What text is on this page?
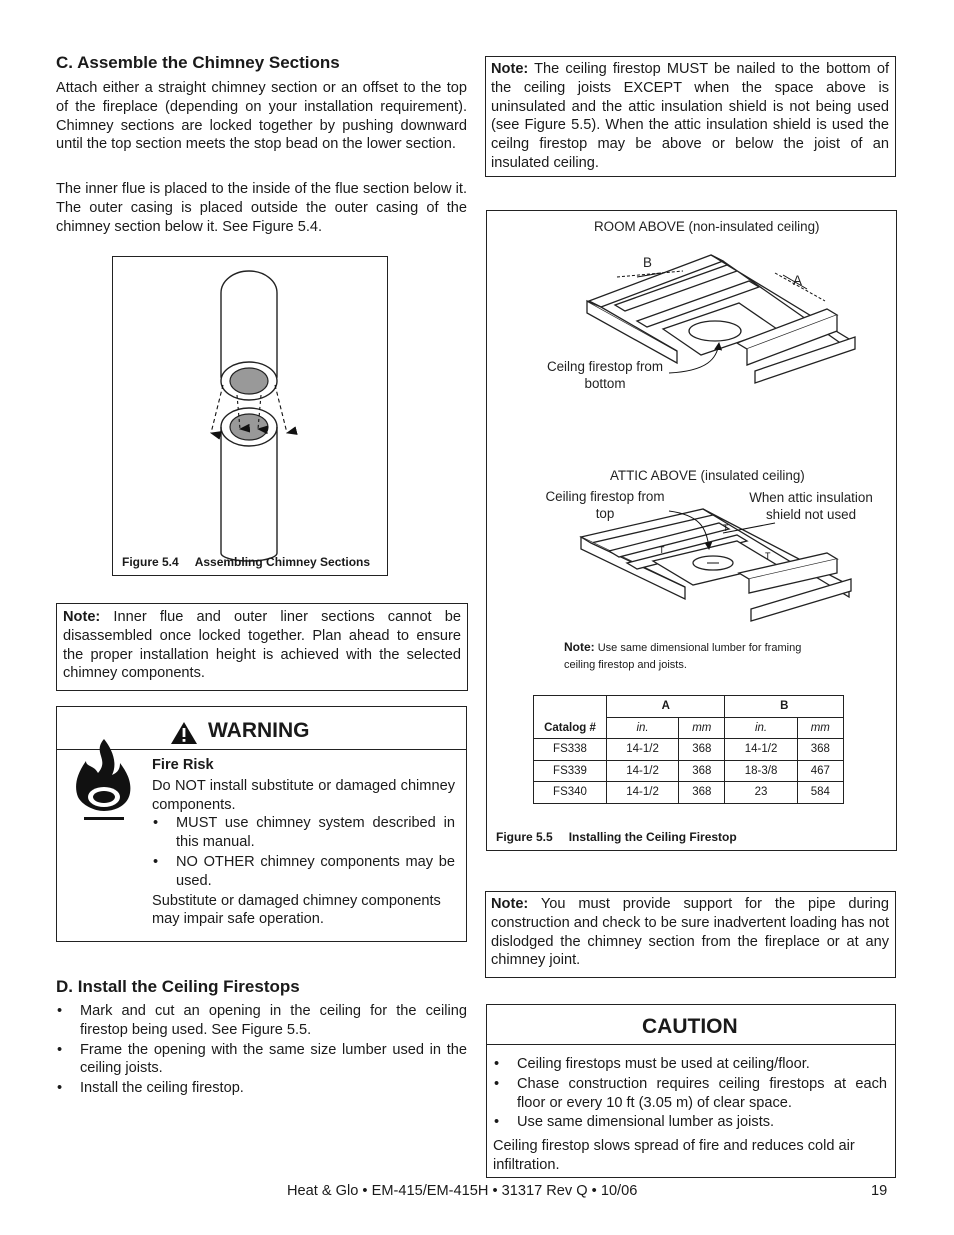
C. Assemble the Chimney Sections

Attach either a straight chimney section or an offset to the top of the fireplace (depending on your installation requirement). Chimney sections are locked together by pushing downward until the top section meets the stop bead on the lower section.

The inner flue is placed to the inside of the flue section below it. The outer casing is placed outside the outer casing of the chimney section below it. See Figure 5.4.

Figure 5.4 Assembling Chimney Sections

Note: Inner flue and outer liner sections cannot be disassembled once locked together. Plan ahead to ensure the proper installation height is achieved with the selected chimney components.

WARNING
Fire Risk

Do NOT install substitute or damaged chimney components.

• MUST use chimney system described in this manual.
• NO OTHER chimney components may be used.

Substitute or damaged chimney components may impair safe operation.

D. Install the Ceiling Firestops
• Mark and cut an opening in the ceiling for the ceiling firestop being used. See Figure 5.5.
• Frame the opening with the same size lumber used in the ceiling joists.
• Install the ceiling firestop.

Note: The ceiling firestop MUST be nailed to the bottom of the ceiling joists EXCEPT when the space above is uninsulated and the attic insulation shield is not being used (see Figure 5.5). When the attic insulation shield is used the ceilng firestop may be above or below the joist of an insulated ceiling.

ROOM ABOVE (non-insulated ceiling)
B
A
Ceilng firestop from
bottom
ATTIC ABOVE (insulated ceiling)
Ceiling firestop from
top
When attic insulation
shield not used
T
T
T
Note: Use same dimensional lumber for framing
ceiling firestop and joists.
Catalog #	A		B	
	in.	mm	in.	mm
FS338	14-1/2	368	14-1/2	368
FS339	14-1/2	368	18-3/8	467
FS340	14-1/2	368	23	584
Figure 5.5 Installing the Ceiling Firestop

Note: You must provide support for the pipe during construction and check to be sure inadvertent loading has not dislodged the chimney section from the fireplace or at any chimney joint.

CAUTION
• Ceiling firestops must be used at ceiling/floor.
• Chase construction requires ceiling firestops at each floor or every 10 ft (3.05 m) of clear space.
• Use same dimensional lumber as joists.

Ceiling firestop slows spread of fire and reduces cold air infiltration.

Heat & Glo • EM-415/EM-415H • 31317 Rev Q • 10/06	19
